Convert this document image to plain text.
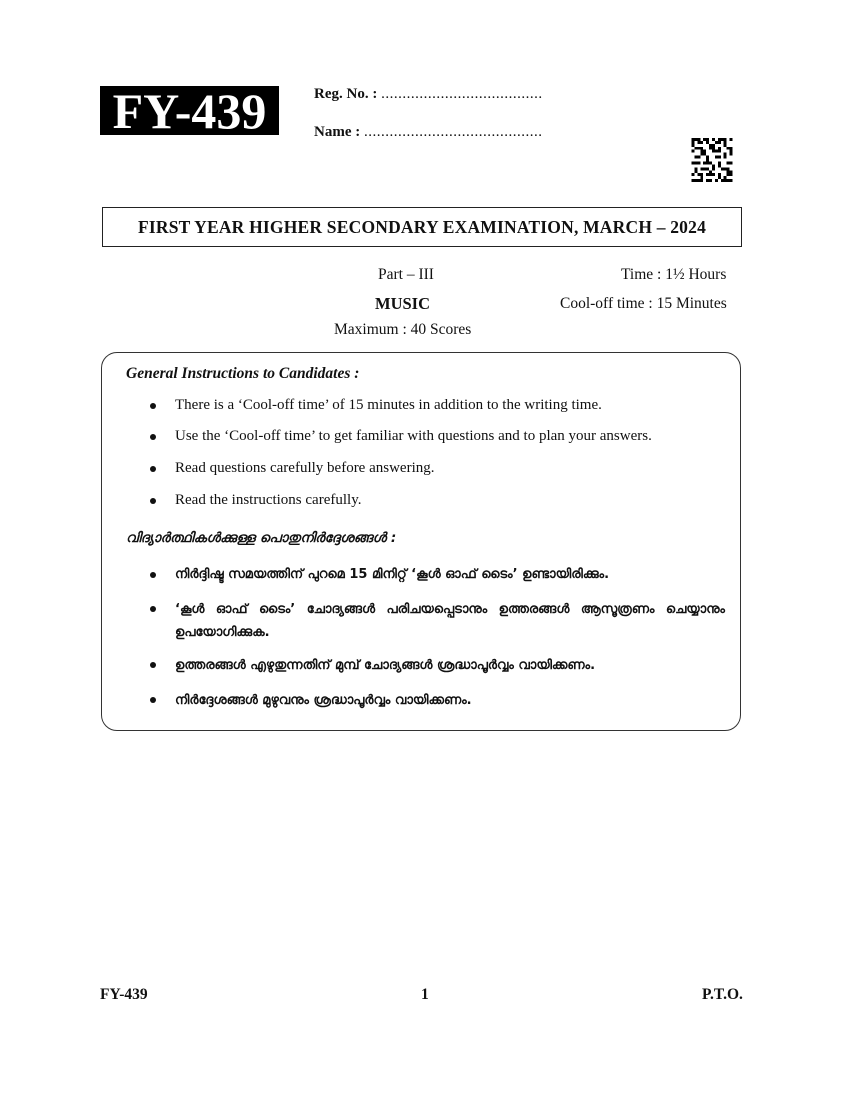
FY-439	Reg. No. : ......................................
Name : ..........................................
FIRST YEAR HIGHER SECONDARY EXAMINATION, MARCH – 2024
Part – III
MUSIC
Maximum : 40 Scores
Time : 1½ Hours
Cool-off time : 15 Minutes
General Instructions to Candidates :
There is a ‘Cool-off time’ of 15 minutes in addition to the writing time.
Use the ‘Cool-off time’ to get familiar with questions and to plan your answers.
Read questions carefully before answering.
Read the instructions carefully.
വിദ്യാർത്ഥികൾക്കുള്ള പൊതുനിർദ്ദേശങ്ങൾ :
നിർദ്ദിഷ്ട സമയത്തിന് പുറമെ 15 മിനിറ്റ് ‘കൂൾ ഓഫ് ടൈം’ ഉണ്ടായിരിക്കും.
‘കൂൾ ഓഫ് ടൈം’ ചോദ്യങ്ങൾ പരിചയപ്പെടാനും ഉത്തരങ്ങൾ ആസൂത്രണം ചെയ്യാനും ഉപയോഗിക്കുക.
ഉത്തരങ്ങൾ എഴുതുന്നതിന് മുമ്പ് ചോദ്യങ്ങൾ ശ്രദ്ധാപൂർവ്വം വായിക്കണം.
നിർദ്ദേശങ്ങൾ മുഴുവനും ശ്രദ്ധാപൂർവ്വം വായിക്കണം.
FY-439	1	P.T.O.
